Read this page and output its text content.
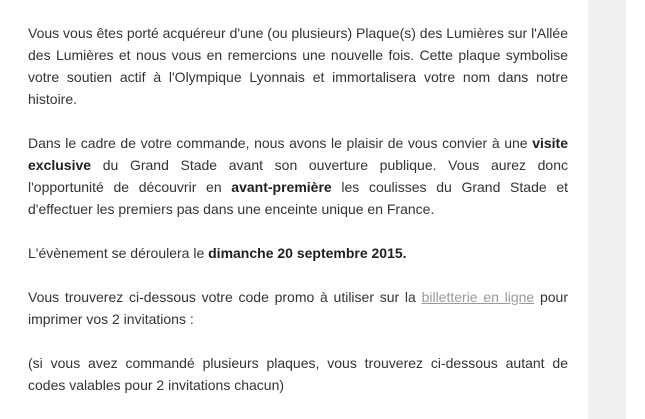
Vous vous êtes porté acquéreur d'une (ou plusieurs) Plaque(s) des Lumières sur l'Allée des Lumières et nous vous en remercions une nouvelle fois. Cette plaque symbolise votre soutien actif à l'Olympique Lyonnais et immortalisera votre nom dans notre histoire.

Dans le cadre de votre commande, nous avons le plaisir de vous convier à une visite exclusive du Grand Stade avant son ouverture publique. Vous aurez donc l'opportunité de découvrir en avant-première les coulisses du Grand Stade et d'effectuer les premiers pas dans une enceinte unique en France.

L'évènement se déroulera le dimanche 20 septembre 2015.

Vous trouverez ci-dessous votre code promo à utiliser sur la billetterie en ligne pour imprimer vos 2 invitations :

(si vous avez commandé plusieurs plaques, vous trouverez ci-dessous autant de codes valables pour 2 invitations chacun)
